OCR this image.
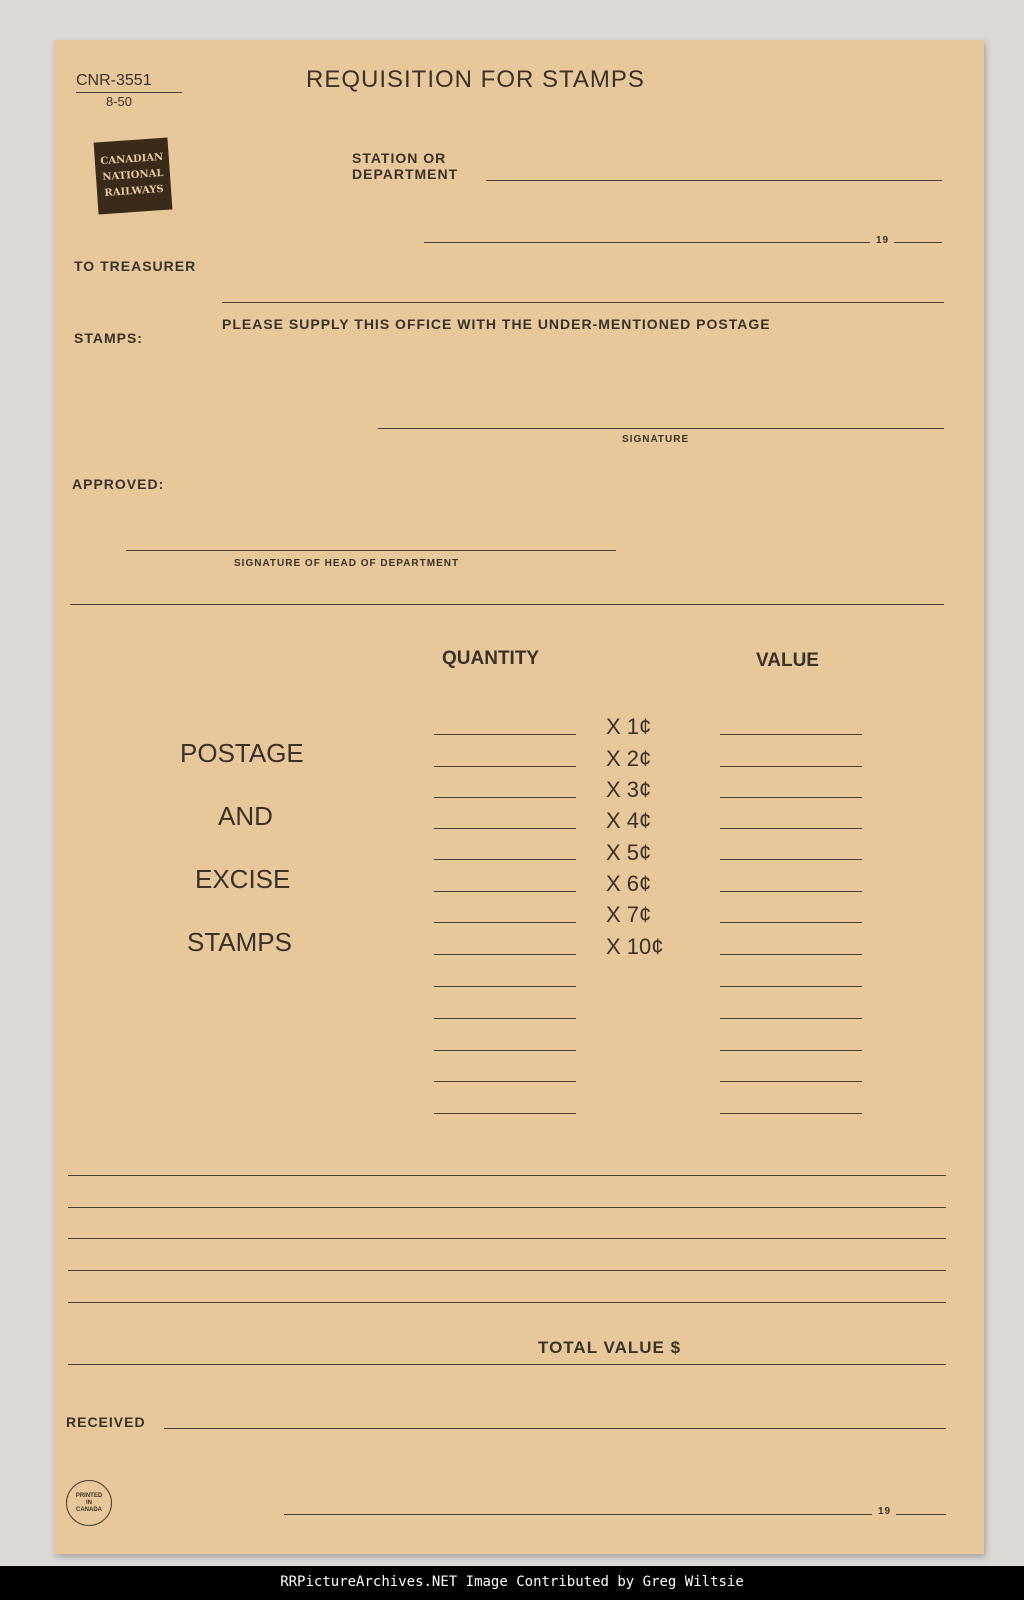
CNR-3551
8-50
REQUISITION FOR STAMPS
CANADIAN
NATIONAL
RAILWAYS
STATION OR
DEPARTMENT
19
TO TREASURER
PLEASE SUPPLY THIS OFFICE WITH THE UNDER-MENTIONED POSTAGE
STAMPS:
SIGNATURE
APPROVED:
SIGNATURE OF HEAD OF DEPARTMENT
QUANTITY	VALUE
POSTAGE
AND
EXCISE
STAMPS
X 1¢
X 2¢
X 3¢
X 4¢
X 5¢
X 6¢
X 7¢
X 10¢
TOTAL VALUE $
RECEIVED
PRINTED
IN
CANADA	19
RRPictureArchives.NET Image Contributed by Greg Wiltsie
